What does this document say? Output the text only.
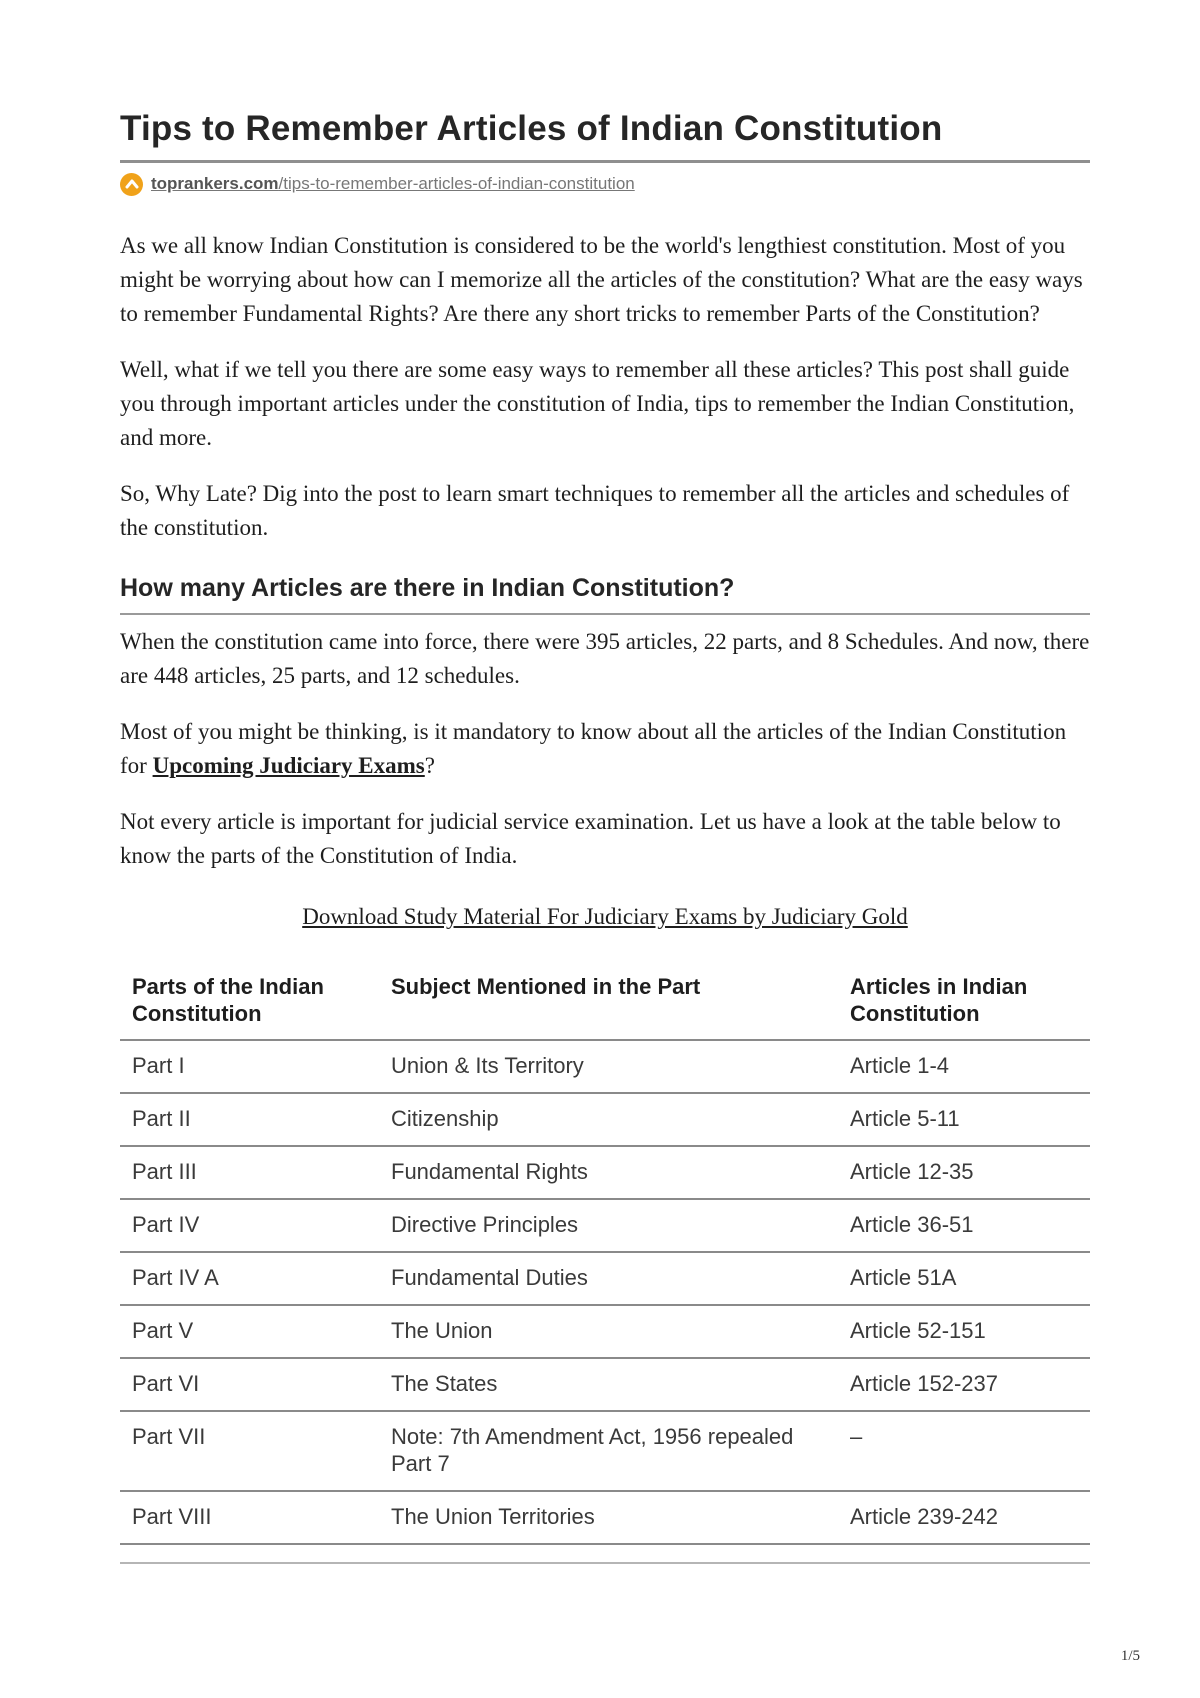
Tips to Remember Articles of Indian Constitution
toprankers.com/tips-to-remember-articles-of-indian-constitution

As we all know Indian Constitution is considered to be the world's lengthiest constitution. Most of you might be worrying about how can I memorize all the articles of the constitution? What are the easy ways to remember Fundamental Rights? Are there any short tricks to remember Parts of the Constitution?

Well, what if we tell you there are some easy ways to remember all these articles? This post shall guide you through important articles under the constitution of India, tips to remember the Indian Constitution, and more.

So, Why Late? Dig into the post to learn smart techniques to remember all the articles and schedules of the constitution.

How many Articles are there in Indian Constitution?

When the constitution came into force, there were 395 articles, 22 parts, and 8 Schedules. And now, there are 448 articles, 25 parts, and 12 schedules.

Most of you might be thinking, is it mandatory to know about all the articles of the Indian Constitution for Upcoming Judiciary Exams?

Not every article is important for judicial service examination. Let us have a look at the table below to know the parts of the Constitution of India.

Download Study Material For Judiciary Exams by Judiciary Gold
Parts of the Indian Constitution	Subject Mentioned in the Part	Articles in Indian Constitution
Part I	Union & Its Territory	Article 1-4
Part II	Citizenship	Article 5-11
Part III	Fundamental Rights	Article 12-35
Part IV	Directive Principles	Article 36-51
Part IV A	Fundamental Duties	Article 51A
Part V	The Union	Article 52-151
Part VI	The States	Article 152-237
Part VII	Note: 7th Amendment Act, 1956 repealed Part 7	–
Part VIII	The Union Territories	Article 239-242
1/5
